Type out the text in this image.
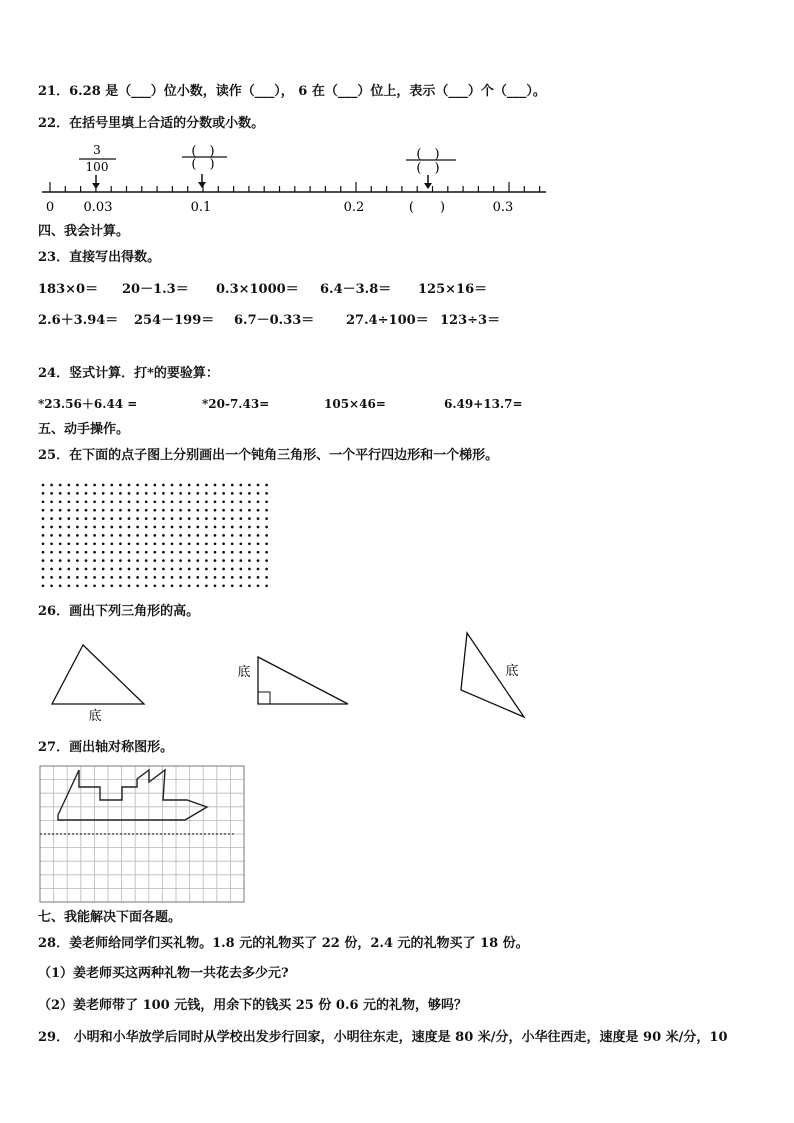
21．6.28 是（___）位小数，读作（___）， 6 在（___）位上，表示（___）个（___）。
22．在括号里填上合适的分数或小数。
3
100
(　)
(　)
(　)
(　)
0 0.03	0.1	0.2	(　　)	0.3
四、我会计算。
23．直接写出得数。
183×0＝ 20－1.3＝ 0.3×1000＝ 6.4－3.8＝ 125×16＝
2.6＋3.94＝ 254－199＝ 6.7－0.33＝ 27.4÷100＝ 123÷3＝
24．竖式计算．打*的要验算：
*23.56＋6.44 =	*20-7.43=	105×46=	6.49+13.7=
五、动手操作。
25．在下面的点子图上分别画出一个钝角三角形、一个平行四边形和一个梯形。
26．画出下列三角形的高。
底
底	底
27．画出轴对称图形。
七、我能解决下面各题。
28．姜老师给同学们买礼物。1.8 元的礼物买了 22 份，2.4 元的礼物买了 18 份。
（1）姜老师买这两种礼物一共花去多少元?
（2）姜老师带了 100 元钱，用余下的钱买 25 份 0.6 元的礼物，够吗？
29． 小明和小华放学后同时从学校出发步行回家，小明往东走，速度是 80 米/分，小华往西走，速度是 90 米/分，10
